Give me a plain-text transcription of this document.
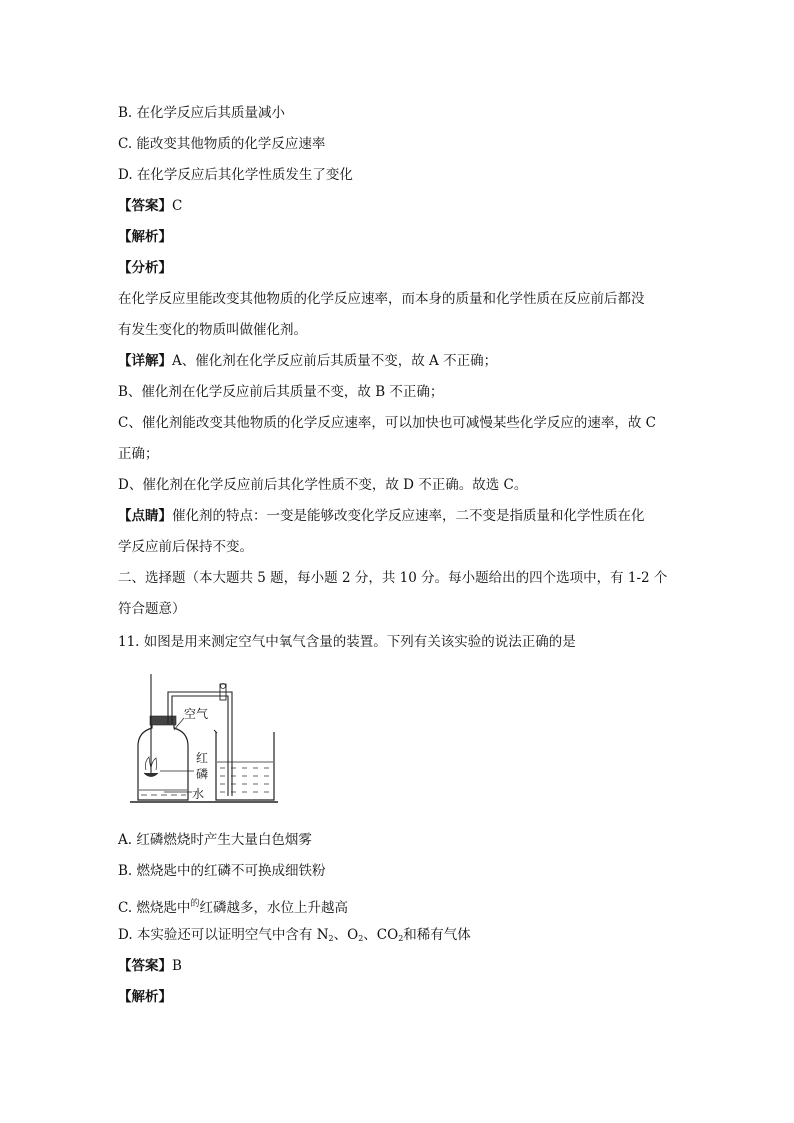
B. 在化学反应后其质量减小
C. 能改变其他物质的化学反应速率
D. 在化学反应后其化学性质发生了变化
【答案】C
【解析】
【分析】
在化学反应里能改变其他物质的化学反应速率，而本身的质量和化学性质在反应前后都没
有发生变化的物质叫做催化剂。
【详解】A、催化剂在化学反应前后其质量不变，故 A 不正确；
B、催化剂在化学反应前后其质量不变，故 B 不正确；
C、催化剂能改变其他物质的化学反应速率，可以加快也可减慢某些化学反应的速率，故 C
正确；
D、催化剂在化学反应前后其化学性质不变，故 D 不正确。故选 C。
【点睛】催化剂的特点：一变是能够改变化学反应速率，二不变是指质量和化学性质在化
学反应前后保持不变。
二、选择题（本大题共 5 题，每小题 2 分，共 10 分。每小题给出的四个选项中，有 1-2 个
符合题意）
11. 如图是用来测定空气中氧气含量的装置。下列有关该实验的说法正确的是
空气
红
磷
水
A. 红磷燃烧时产生大量白色烟雾
B. 燃烧匙中的红磷不可换成细铁粉
C. 燃烧匙中$^的$红磷越多，水位上升越高
D. 本实验还可以证明空气中含有 $N_2$、$O_2$、$CO_2$和稀有气体
【答案】B
【解析】
